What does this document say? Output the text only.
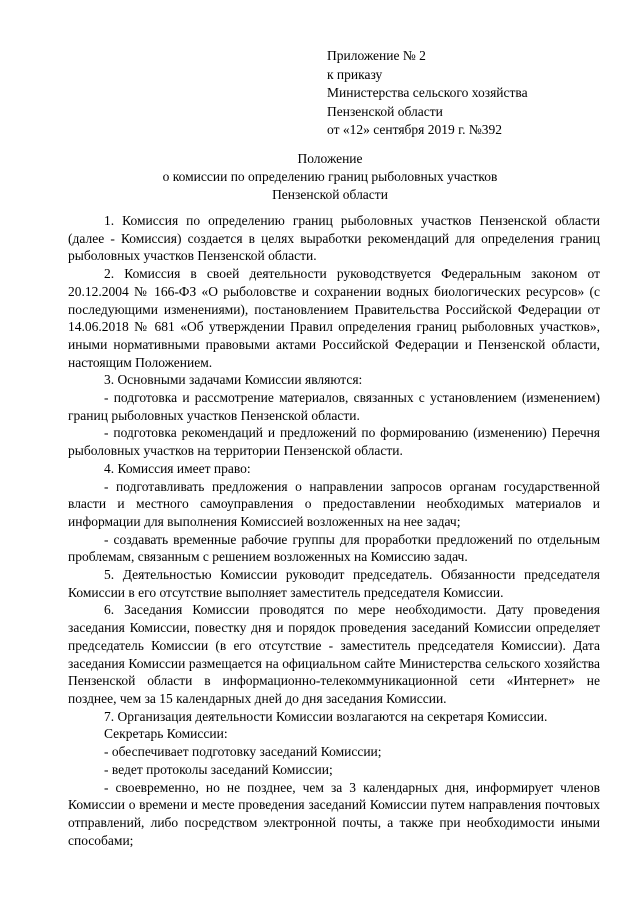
Приложение № 2
к приказу
Министерства сельского хозяйства
Пензенской области
от «12» сентября 2019 г. №392
Положение
о комиссии по определению границ рыболовных участков
Пензенской области

1. Комиссия по определению границ рыболовных участков Пензенской области (далее - Комиссия) создается в целях выработки рекомендаций для определения границ рыболовных участков Пензенской области.

2. Комиссия в своей деятельности руководствуется Федеральным законом от 20.12.2004 № 166-ФЗ «О рыболовстве и сохранении водных биологических ресурсов» (с последующими изменениями), постановлением Правительства Российской Федерации от 14.06.2018 № 681 «Об утверждении Правил определения границ рыболовных участков», иными нормативными правовыми актами Российской Федерации и Пензенской области, настоящим Положением.

3. Основными задачами Комиссии являются:

- подготовка и рассмотрение материалов, связанных с установлением (изменением) границ рыболовных участков Пензенской области.

- подготовка рекомендаций и предложений по формированию (изменению) Перечня рыболовных участков на территории Пензенской области.

4. Комиссия имеет право:

- подготавливать предложения о направлении запросов органам государственной власти и местного самоуправления о предоставлении необходимых материалов и информации для выполнения Комиссией возложенных на нее задач;

- создавать временные рабочие группы для проработки предложений по отдельным проблемам, связанным с решением возложенных на Комиссию задач.

5. Деятельностью Комиссии руководит председатель. Обязанности председателя Комиссии в его отсутствие выполняет заместитель председателя Комиссии.

6. Заседания Комиссии проводятся по мере необходимости. Дату проведения заседания Комиссии, повестку дня и порядок проведения заседаний Комиссии определяет председатель Комиссии (в его отсутствие - заместитель председателя Комиссии). Дата заседания Комиссии размещается на официальном сайте Министерства сельского хозяйства Пензенской области в информационно-телекоммуникационной сети «Интернет» не позднее, чем за 15 календарных дней до дня заседания Комиссии.

7. Организация деятельности Комиссии возлагаются на секретаря Комиссии.

Секретарь Комиссии:

- обеспечивает подготовку заседаний Комиссии;

- ведет протоколы заседаний Комиссии;

- своевременно, но не позднее, чем за 3 календарных дня, информирует членов Комиссии о времени и месте проведения заседаний Комиссии путем направления почтовых отправлений, либо посредством электронной почты, а также при необходимости иными способами;
